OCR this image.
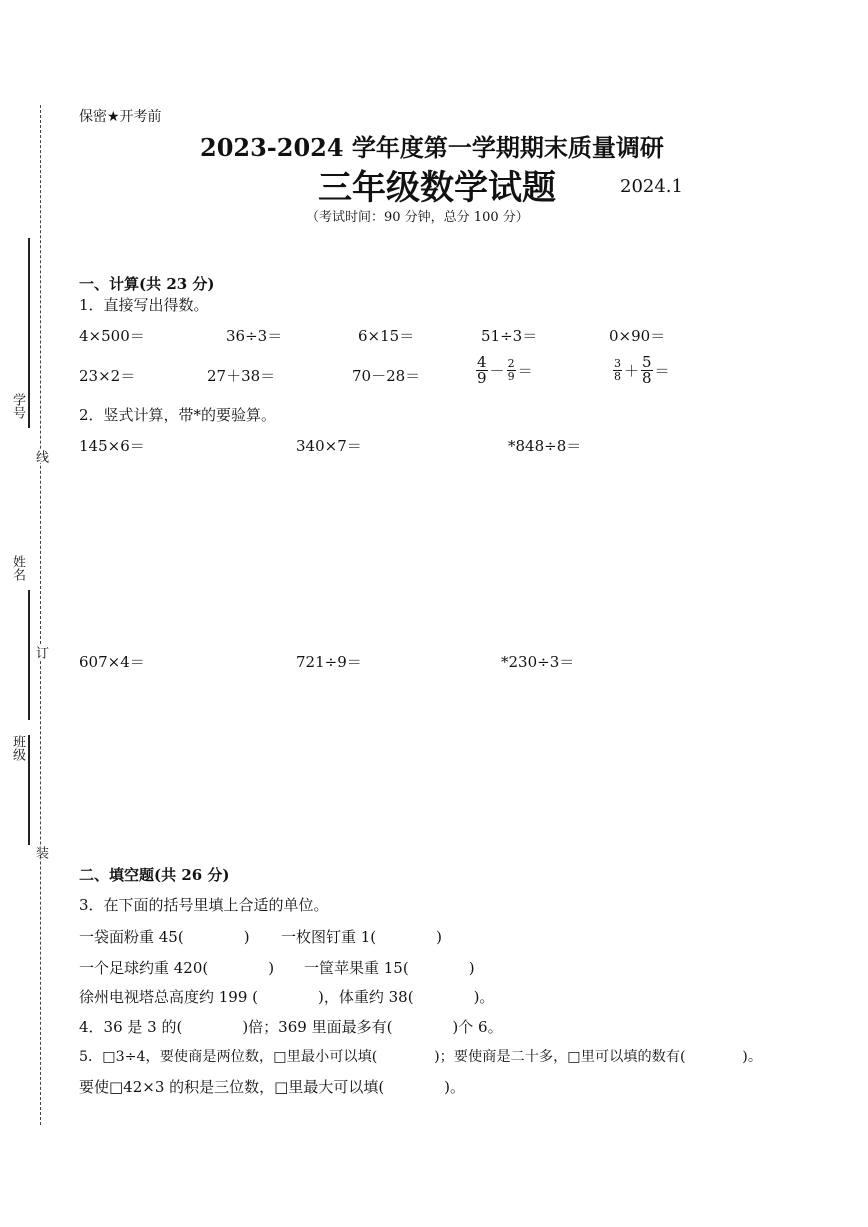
学号
姓名
班级
线
订
装
保密★开考前
2023-2024 学年度第一学期期末质量调研
三年级数学试题	2024.1
（考试时间：90 分钟，总分 100 分）
一、计算(共 23 分)
1．直接写出得数。
4×500＝	36÷3＝	6×15＝	51÷3＝	0×90＝
23×2＝	27＋38＝	70－28＝	$\frac{4}{9} - \frac{2}{9}$ ＝	$\frac{3}{8} + \frac{5}{8}$ ＝
2．竖式计算，带*的要验算。
145×6＝	340×7＝	*848÷8＝
607×4＝	721÷9＝	*230÷3＝
二、填空题(共 26 分)
3．在下面的括号里填上合适的单位。
一袋面粉重 45(　　　　) 一枚图钉重 1(　　　　)
一个足球约重 420(　　　　) 一筐苹果重 15(　　　　)
徐州电视塔总高度约 199 (　　　　)，体重约 38(　　　　)。
4．36 是 3 的(　　　　)倍；369 里面最多有(　　　　)个 6。
5．□3÷4，要使商是两位数，□里最小可以填(　　　　)；要使商是二十多，□里可以填的数有(　　　　)。
要使□42×3 的积是三位数，□里最大可以填(　　　　)。
